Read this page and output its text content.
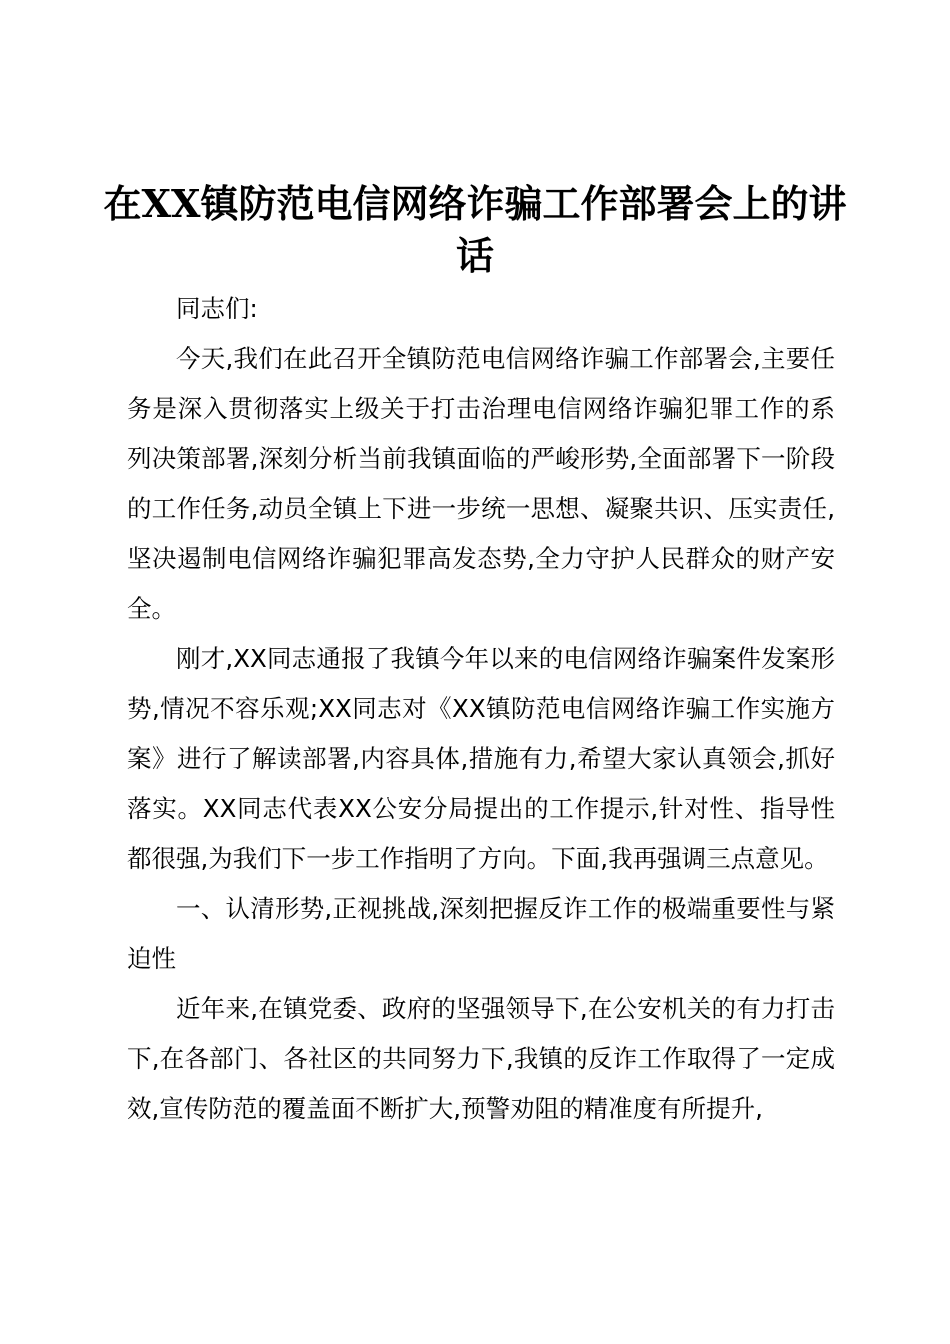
在XX镇防范电信网络诈骗工作部署会上的讲话

同志们:

今天,我们在此召开全镇防范电信网络诈骗工作部署会,主要任务是深入贯彻落实上级关于打击治理电信网络诈骗犯罪工作的系列决策部署,深刻分析当前我镇面临的严峻形势,全面部署下一阶段的工作任务,动员全镇上下进一步统一思想、凝聚共识、压实责任,坚决遏制电信网络诈骗犯罪高发态势,全力守护人民群众的财产安全。

刚才,XX同志通报了我镇今年以来的电信网络诈骗案件发案形势,情况不容乐观;XX同志对《XX镇防范电信网络诈骗工作实施方案》进行了解读部署,内容具体,措施有力,希望大家认真领会,抓好落实。XX同志代表XX公安分局提出的工作提示,针对性、指导性都很强,为我们下一步工作指明了方向。下面,我再强调三点意见。

一、认清形势,正视挑战,深刻把握反诈工作的极端重要性与紧迫性

近年来,在镇党委、政府的坚强领导下,在公安机关的有力打击下,在各部门、各社区的共同努力下,我镇的反诈工作取得了一定成效,宣传防范的覆盖面不断扩大,预警劝阻的精准度有所提升,
